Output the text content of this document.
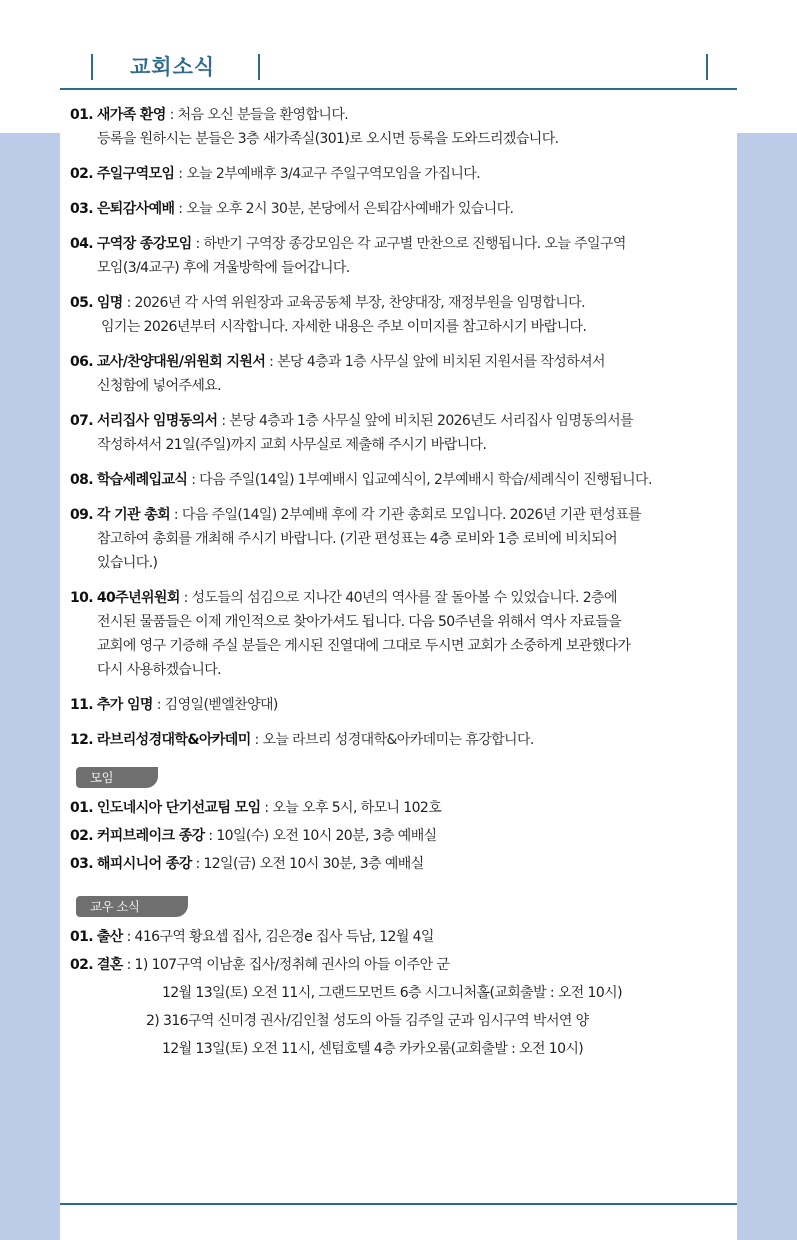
교회소식
01. 새가족 환영 : 처음 오신 분들을 환영합니다.
등록을 원하시는 분들은 3층 새가족실(301)로 오시면 등록을 도와드리겠습니다.
02. 주일구역모임 : 오늘 2부예배후 3/4교구 주일구역모임을 가집니다.
03. 은퇴감사예배 : 오늘 오후 2시 30분, 본당에서 은퇴감사예배가 있습니다.
04. 구역장 종강모임 : 하반기 구역장 종강모임은 각 교구별 만찬으로 진행됩니다. 오늘 주일구역
모임(3/4교구) 후에 겨울방학에 들어갑니다.
05. 임명 : 2026년 각 사역 위원장과 교육공동체 부장, 찬양대장, 재정부원을 임명합니다.
임기는 2026년부터 시작합니다. 자세한 내용은 주보 이미지를 참고하시기 바랍니다.
06. 교사/찬양대원/위원회 지원서 : 본당 4층과 1층 사무실 앞에 비치된 지원서를 작성하셔서
신청함에 넣어주세요.
07. 서리집사 임명동의서 : 본당 4층과 1층 사무실 앞에 비치된 2026년도 서리집사 임명동의서를
작성하셔서 21일(주일)까지 교회 사무실로 제출해 주시기 바랍니다.
08. 학습세례입교식 : 다음 주일(14일) 1부예배시 입교예식이, 2부예배시 학습/세례식이 진행됩니다.
09. 각 기관 총회 : 다음 주일(14일) 2부예배 후에 각 기관 총회로 모입니다. 2026년 기관 편성표를
참고하여 총회를 개최해 주시기 바랍니다. (기관 편성표는 4층 로비와 1층 로비에 비치되어
있습니다.)
10. 40주년위원회 : 성도들의 섬김으로 지나간 40년의 역사를 잘 돌아볼 수 있었습니다. 2층에
전시된 물품들은 이제 개인적으로 찾아가셔도 됩니다. 다음 50주년을 위해서 역사 자료들을
교회에 영구 기증해 주실 분들은 게시된 진열대에 그대로 두시면 교회가 소중하게 보관했다가
다시 사용하겠습니다.
11. 추가 임명 : 김영일(벧엘찬양대)
12. 라브리성경대학&아카데미 : 오늘 라브리 성경대학&아카데미는 휴강합니다.
모임
01. 인도네시아 단기선교팀 모임 : 오늘 오후 5시, 하모니 102호
02. 커피브레이크 종강 : 10일(수) 오전 10시 20분, 3층 예배실
03. 해피시니어 종강 : 12일(금) 오전 10시 30분, 3층 예배실
교우 소식
01. 출산 : 416구역 황요셉 집사, 김은경e 집사 득남, 12월 4일
02. 결혼 : 1) 107구역 이남훈 집사/정취혜 권사의 아들 이주안 군
12월 13일(토) 오전 11시, 그랜드모먼트 6층 시그니처홀(교회출발 : 오전 10시)
2) 316구역 신미경 권사/김인철 성도의 아들 김주일 군과 임시구역 박서연 양
12월 13일(토) 오전 11시, 센텀호텔 4층 카카오룸(교회출발 : 오전 10시)
